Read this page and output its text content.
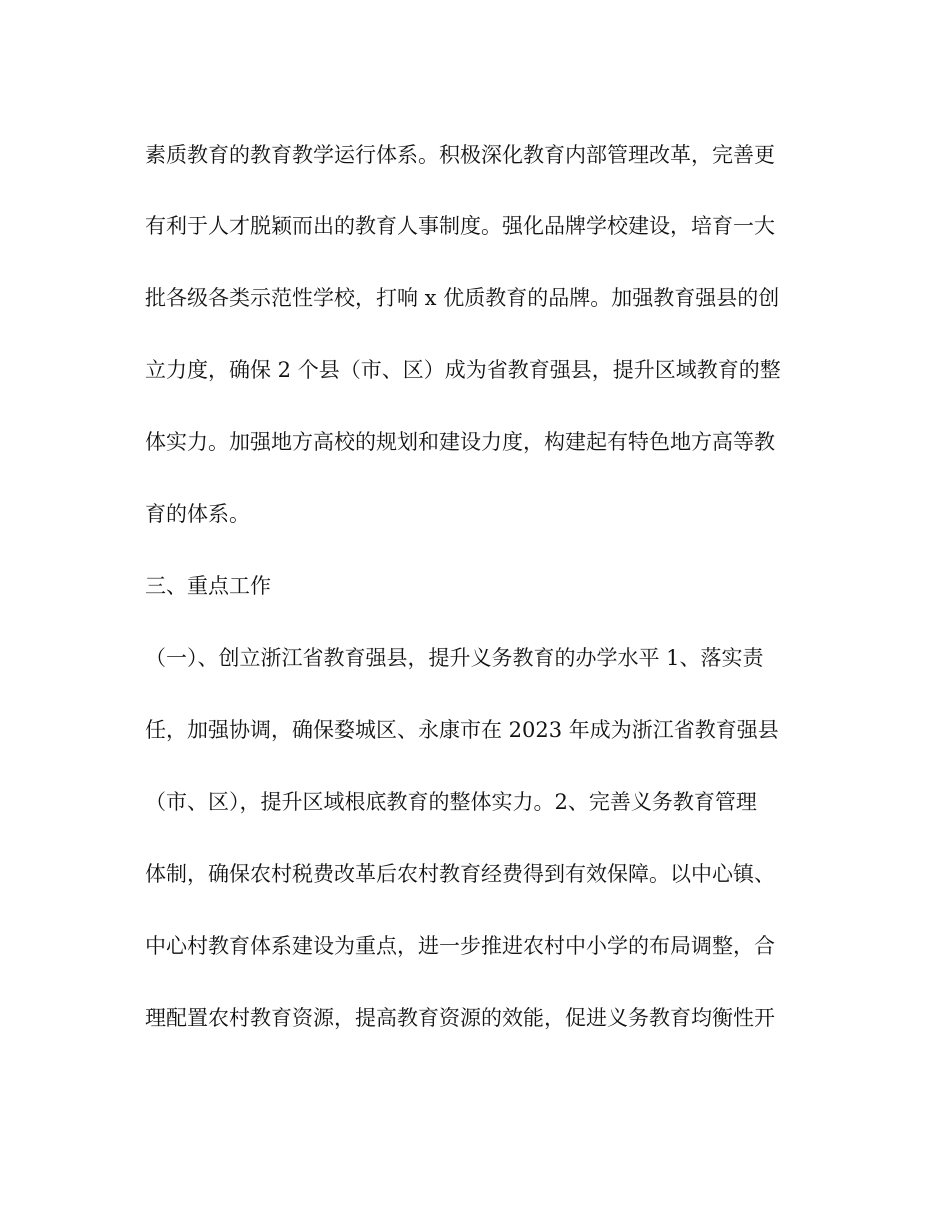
素质教育的教育教学运行体系。积极深化教育内部管理改革，完善更
有利于人才脱颖而出的教育人事制度。强化品牌学校建设，培育一大
批各级各类示范性学校，打响 x 优质教育的品牌。加强教育强县的创
立力度，确保 2 个县（市、区）成为省教育强县，提升区域教育的整
体实力。加强地方高校的规划和建设力度，构建起有特色地方高等教
育的体系。
三、重点工作
（一）、创立浙江省教育强县，提升义务教育的办学水平 1、落实责
任，加强协调，确保婺城区、永康市在 2023 年成为浙江省教育强县
（市、区），提升区域根底教育的整体实力。2、完善义务教育管理
体制，确保农村税费改革后农村教育经费得到有效保障。以中心镇、
中心村教育体系建设为重点，进一步推进农村中小学的布局调整，合
理配置农村教育资源，提高教育资源的效能，促进义务教育均衡性开
